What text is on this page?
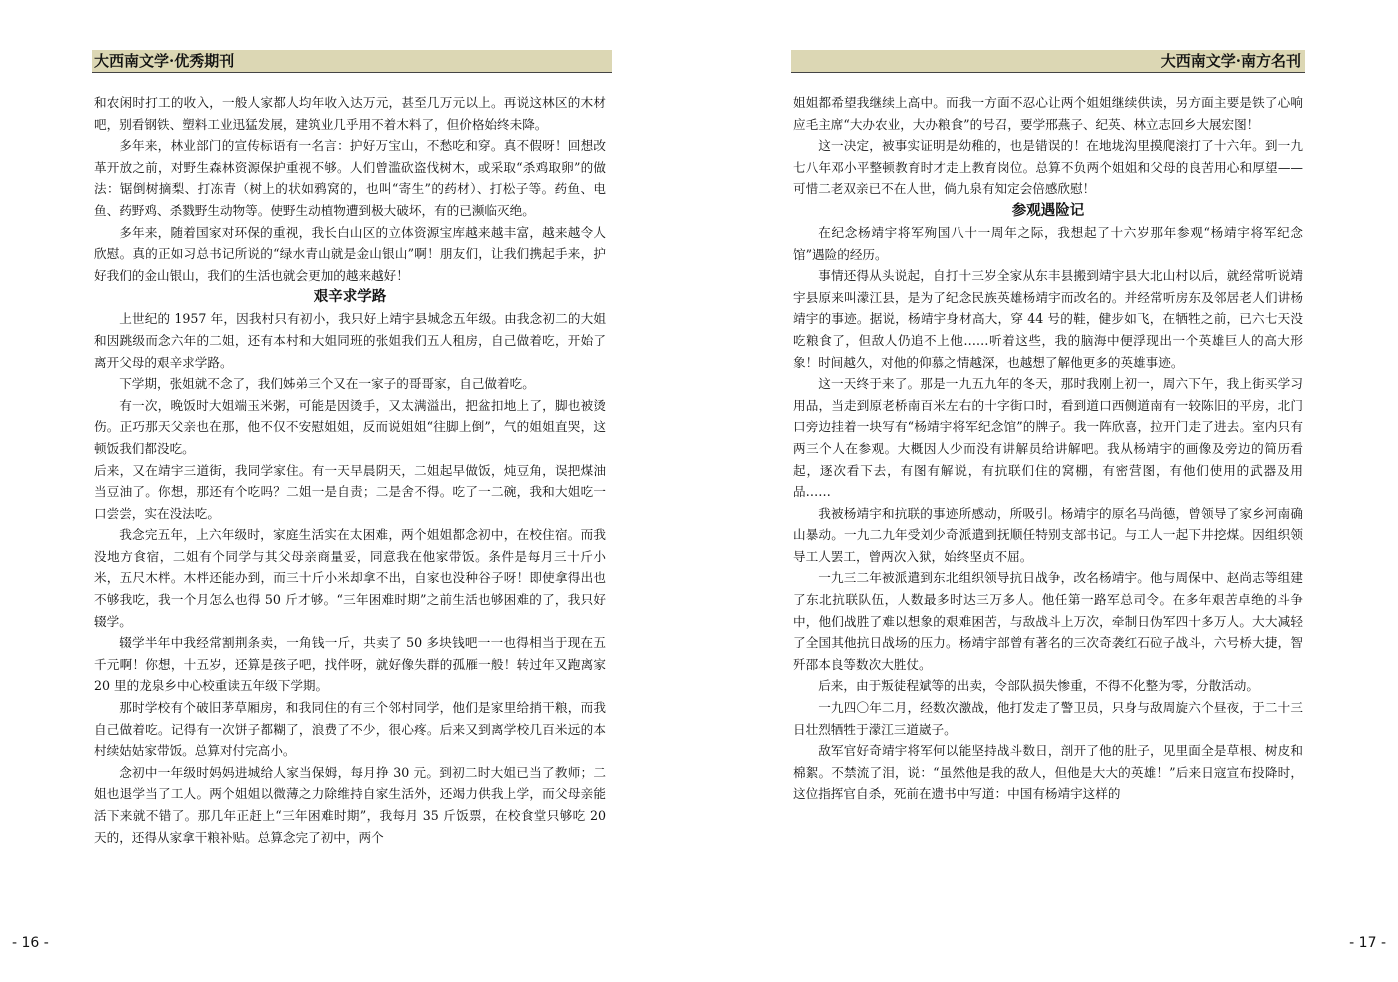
大西南文学·优秀期刊

和农闲时打工的收入，一般人家都人均年收入达万元，甚至几万元以上。再说这林区的木材吧，别看钢铁、塑料工业迅猛发展，建筑业几乎用不着木料了，但价格始终未降。

多年来，林业部门的宣传标语有一名言：护好万宝山，不愁吃和穿。真不假呀！回想改革开放之前，对野生森林资源保护重视不够。人们曾滥砍盗伐树木，或采取“杀鸡取卵”的做法：锯倒树摘梨、打冻青（树上的状如鸦窝的，也叫“寄生”的药材）、打松子等。药鱼、电鱼、药野鸡、杀戮野生动物等。使野生动植物遭到极大破坏，有的已濒临灭绝。

多年来，随着国家对环保的重视，我长白山区的立体资源宝库越来越丰富，越来越令人欣慰。真的正如习总书记所说的“绿水青山就是金山银山”啊！朋友们，让我们携起手来，护好我们的金山银山，我们的生活也就会更加的越来越好！

艰辛求学路

上世纪的 1957 年，因我村只有初小，我只好上靖宇县城念五年级。由我念初二的大姐和因跳级而念六年的二姐，还有本村和大姐同班的张姐我们五人租房，自己做着吃，开始了离开父母的艰辛求学路。

下学期，张姐就不念了，我们姊弟三个又在一家子的哥哥家，自己做着吃。

有一次，晚饭时大姐端玉米粥，可能是因烫手，又太满溢出，把盆扣地上了，脚也被烫伤。正巧那天父亲也在那，他不仅不安慰姐姐，反而说姐姐“往脚上倒”，气的姐姐直哭，这顿饭我们都没吃。

后来，又在靖宇三道街，我同学家住。有一天早晨阴天，二姐起早做饭，炖豆角，误把煤油当豆油了。你想，那还有个吃吗？二姐一是自责；二是舍不得。吃了一二碗，我和大姐吃一口尝尝，实在没法吃。

我念完五年，上六年级时，家庭生活实在太困难，两个姐姐都念初中，在校住宿。而我没地方食宿，二姐有个同学与其父母亲商量妥，同意我在他家带饭。条件是每月三十斤小米，五尺木柈。木柈还能办到，而三十斤小米却拿不出，自家也没种谷子呀！即使拿得出也不够我吃，我一个月怎么也得 50 斤才够。“三年困难时期”之前生活也够困难的了，我只好辍学。

辍学半年中我经常割荆条卖，一角钱一斤，共卖了 50 多块钱吧一一也得相当于现在五千元啊！你想，十五岁，还算是孩子吧，找伴呀，就好像失群的孤雁一般！转过年又跑离家 20 里的龙泉乡中心校重读五年级下学期。

那时学校有个破旧茅草厢房，和我同住的有三个邻村同学，他们是家里给捎干粮，而我自己做着吃。记得有一次饼子都糊了，浪费了不少，很心疼。后来又到离学校几百米远的本村续姑姑家带饭。总算对付完高小。

念初中一年级时妈妈进城给人家当保姆，每月挣 30 元。到初二时大姐已当了教师；二姐也退学当了工人。两个姐姐以微薄之力除维持自家生活外，还竭力供我上学，而父母亲能活下来就不错了。那几年正赶上“三年困难时期”，我每月 35 斤饭票，在校食堂只够吃 20 天的，还得从家拿干粮补贴。总算念完了初中，两个

- 16 -
大西南文学·南方名刊

姐姐都希望我继续上高中。而我一方面不忍心让两个姐姐继续供读，另方面主要是铁了心响应毛主席“大办农业，大办粮食”的号召，要学邢燕子、纪英、林立志回乡大展宏图！

这一决定，被事实证明是幼稚的，也是错误的！在地垅沟里摸爬滚打了十六年。到一九七八年邓小平整顿教育时才走上教育岗位。总算不负两个姐姐和父母的良苦用心和厚望——可惜二老双亲已不在人世，倘九泉有知定会倍感欣慰！

参观遇险记

在纪念杨靖宇将军殉国八十一周年之际，我想起了十六岁那年参观“杨靖宇将军纪念馆”遇险的经历。

事情还得从头说起，自打十三岁全家从东丰县搬到靖宇县大北山村以后，就经常听说靖宇县原来叫濛江县，是为了纪念民族英雄杨靖宇而改名的。并经常听房东及邻居老人们讲杨靖宇的事迹。据说，杨靖宇身材高大，穿 44 号的鞋，健步如飞，在牺牲之前，已六七天没吃粮食了，但敌人仍追不上他……听着这些，我的脑海中便浮现出一个英雄巨人的高大形象！时间越久，对他的仰慕之情越深，也越想了解他更多的英雄事迹。

这一天终于来了。那是一九五九年的冬天，那时我刚上初一，周六下午，我上街买学习用品，当走到原老桥南百米左右的十字街口时，看到道口西侧道南有一较陈旧的平房，北门口旁边挂着一块写有“杨靖宇将军纪念馆”的牌子。我一阵欣喜，拉开门走了进去。室内只有两三个人在参观。大概因人少而没有讲解员给讲解吧。我从杨靖宇的画像及旁边的简历看起，逐次看下去，有图有解说，有抗联们住的窝棚，有密营图，有他们使用的武器及用品……

我被杨靖宇和抗联的事迹所感动，所吸引。杨靖宇的原名马尚德，曾领导了家乡河南确山暴动。一九二九年受刘少奇派遣到抚顺任特别支部书记。与工人一起下井挖煤。因组织领导工人罢工，曾两次入狱，始终坚贞不屈。

一九三二年被派遣到东北组织领导抗日战争，改名杨靖宇。他与周保中、赵尚志等组建了东北抗联队伍，人数最多时达三万多人。他任第一路军总司令。在多年艰苦卓绝的斗争中，他们战胜了难以想象的艰难困苦，与敌战斗上万次，牵制日伪军四十多万人。大大减轻了全国其他抗日战场的压力。杨靖宇部曾有著名的三次奇袭红石砬子战斗，六号桥大捷，智歼邵本良等数次大胜仗。

后来，由于叛徒程斌等的出卖，令部队损失惨重，不得不化整为零，分散活动。

一九四〇年二月，经数次激战，他打发走了警卫员，只身与敌周旋六个昼夜，于二十三日壮烈牺牲于濛江三道崴子。

敌军官好奇靖宇将军何以能坚持战斗数日，剖开了他的肚子，见里面全是草根、树皮和棉絮。不禁流了泪，说：“虽然他是我的敌人，但他是大大的英雄！”后来日寇宣布投降时，这位指挥官自杀，死前在遗书中写道：中国有杨靖宇这样的

- 17 -
